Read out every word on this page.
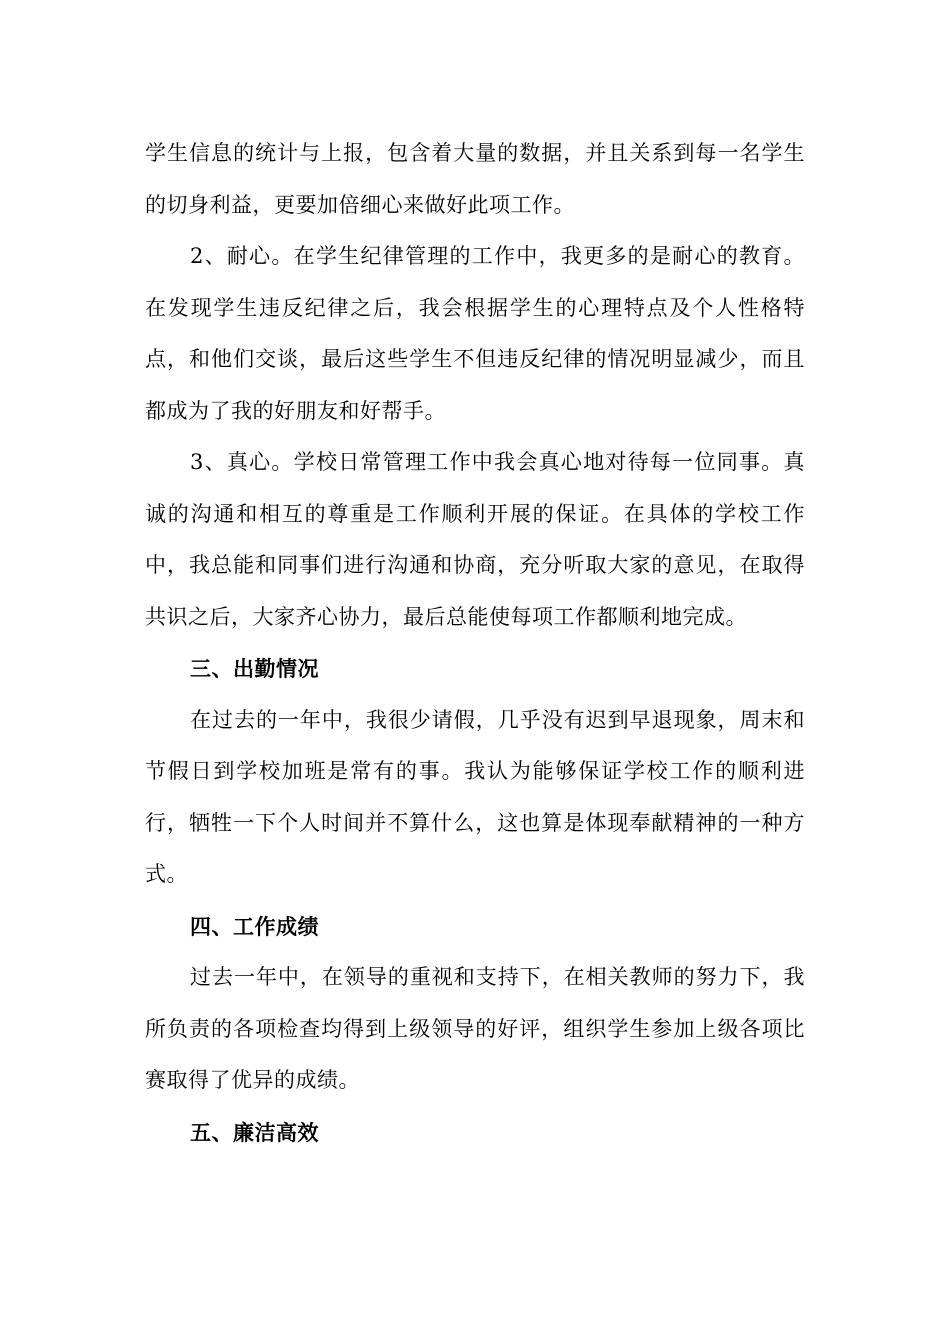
学生信息的统计与上报，包含着大量的数据，并且关系到每一名学生的切身利益，更要加倍细心来做好此项工作。

2、耐心。在学生纪律管理的工作中，我更多的是耐心的教育。在发现学生违反纪律之后，我会根据学生的心理特点及个人性格特点，和他们交谈，最后这些学生不但违反纪律的情况明显减少，而且都成为了我的好朋友和好帮手。

3、真心。学校日常管理工作中我会真心地对待每一位同事。真诚的沟通和相互的尊重是工作顺利开展的保证。在具体的学校工作中，我总能和同事们进行沟通和协商，充分听取大家的意见，在取得共识之后，大家齐心协力，最后总能使每项工作都顺利地完成。

三、出勤情况

在过去的一年中，我很少请假，几乎没有迟到早退现象，周末和节假日到学校加班是常有的事。我认为能够保证学校工作的顺利进行，牺牲一下个人时间并不算什么，这也算是体现奉献精神的一种方式。

四、工作成绩

过去一年中，在领导的重视和支持下，在相关教师的努力下，我所负责的各项检查均得到上级领导的好评，组织学生参加上级各项比赛取得了优异的成绩。

五、廉洁高效
